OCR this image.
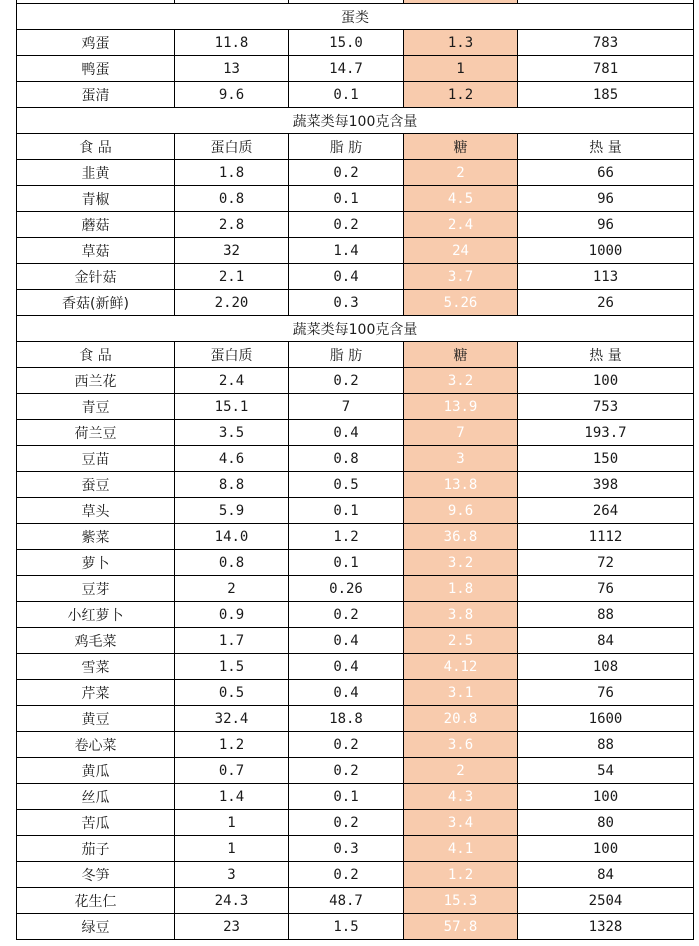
蛋类				
鸡蛋	11.8	15.0	1.3	783
鸭蛋	13	14.7	1	781
蛋清	9.6	0.1	1.2	185
蔬菜类每100克含量				
食 品	蛋白质	脂 肪	糖	热 量
韭黄	1.8	0.2	2	66
青椒	0.8	0.1	4.5	96
蘑菇	2.8	0.2	2.4	96
草菇	32	1.4	24	1000
金针菇	2.1	0.4	3.7	113
香菇(新鲜)	2.20	0.3	5.26	26
蔬菜类每100克含量				
食 品	蛋白质	脂 肪	糖	热 量
西兰花	2.4	0.2	3.2	100
青豆	15.1	7	13.9	753
荷兰豆	3.5	0.4	7	193.7
豆苗	4.6	0.8	3	150
蚕豆	8.8	0.5	13.8	398
草头	5.9	0.1	9.6	264
紫菜	14.0	1.2	36.8	1112
萝卜	0.8	0.1	3.2	72
豆芽	2	0.26	1.8	76
小红萝卜	0.9	0.2	3.8	88
鸡毛菜	1.7	0.4	2.5	84
雪菜	1.5	0.4	4.12	108
芹菜	0.5	0.4	3.1	76
黄豆	32.4	18.8	20.8	1600
卷心菜	1.2	0.2	3.6	88
黄瓜	0.7	0.2	2	54
丝瓜	1.4	0.1	4.3	100
苦瓜	1	0.2	3.4	80
茄子	1	0.3	4.1	100
冬笋	3	0.2	1.2	84
花生仁	24.3	48.7	15.3	2504
绿豆	23	1.5	57.8	1328
